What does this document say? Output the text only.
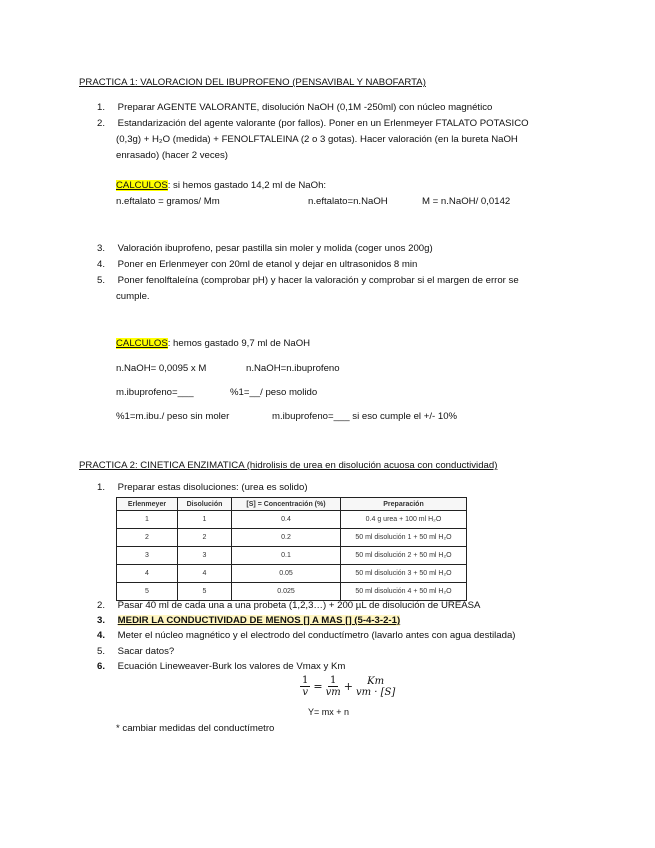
PRACTICA 1: VALORACION DEL IBUPROFENO (PENSAVIBAL Y NABOFARTA)
1. Preparar AGENTE VALORANTE, disolución NaOH (0,1M -250ml) con núcleo magnético
2. Estandarización del agente valorante (por fallos). Poner en un Erlenmeyer FTALATO POTASICO
(0,3g) + H₂O (medida) + FENOLFTALEINA (2 o 3 gotas). Hacer valoración (en la bureta NaOH
enrasado) (hacer 2 veces)
CALCULOS: si hemos gastado 14,2 ml de NaOh:
n.eftalato = gramos/ Mm	n.eftalato=n.NaOH	M = n.NaOH/ 0,0142
3. Valoración ibuprofeno, pesar pastilla sin moler y molida (coger unos 200g)
4. Poner en Erlenmeyer con 20ml de etanol y dejar en ultrasonidos 8 min
5. Poner fenolftaleína (comprobar pH) y hacer la valoración y comprobar si el margen de error se
cumple.
CALCULOS: hemos gastado 9,7 ml de NaOH
n.NaOH= 0,0095 x M	n.NaOH=n.ibuprofeno
m.ibuprofeno=___	%1=__/ peso molido
%1=m.ibu./ peso sin moler	m.ibuprofeno=___ si eso cumple el +/- 10%
PRACTICA 2: CINETICA ENZIMATICA (hidrolisis de urea en disolución acuosa con conductividad)
1. Preparar estas disoluciones: (urea es solido)
Erlenmeyer	Disolución	[S] = Concentración (%)	Preparación
1	1	0.4	0.4 g urea + 100 ml H₂O
2	2	0.2	50 ml disolución 1 + 50 ml H₂O
3	3	0.1	50 ml disolución 2 + 50 ml H₂O
4	4	0.05	50 ml disolución 3 + 50 ml H₂O
5	5	0.025	50 ml disolución 4 + 50 ml H₂O
2. Pasar 40 ml de cada una a una probeta (1,2,3…) + 200 µL de disolución de UREASA
3. MEDIR LA CONDUCTIVIDAD DE MENOS [] A MAS [] (5-4-3-2-1)
4. Meter el núcleo magnético y el electrodo del conductímetro (lavarlo antes con agua destilada)
5. Sacar datos?
6. Ecuación Lineweaver-Burk los valores de Vmax y Km
$\frac{1}{v} = \frac{1}{vm} + Km$
vm · [S]
Y= mx + n
* cambiar medidas del conductímetro
